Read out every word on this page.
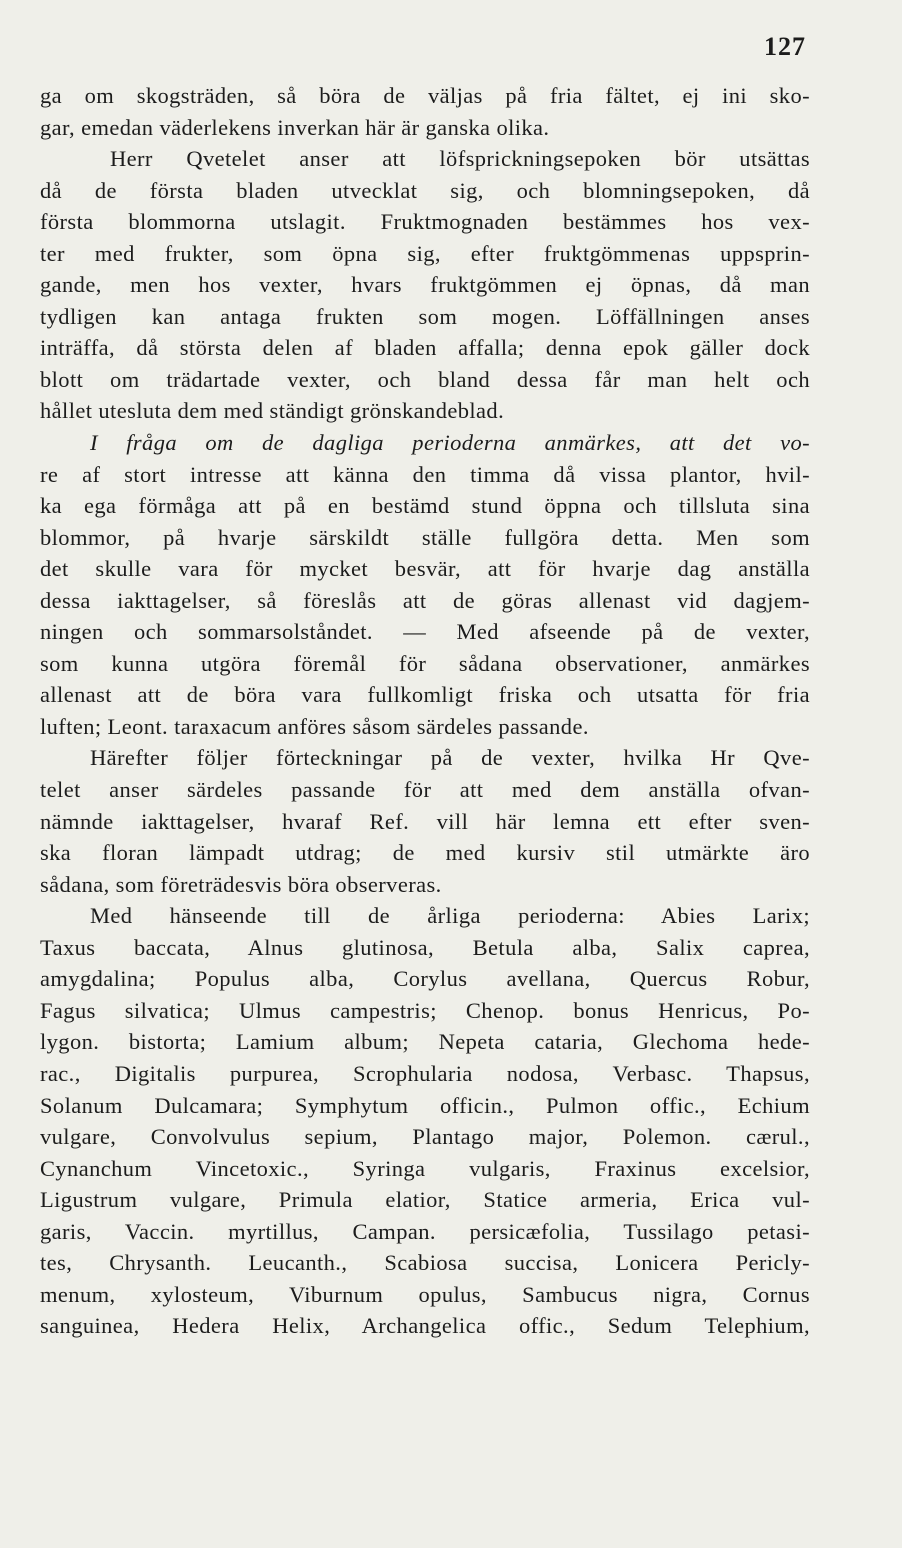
127
ga om skogsträden, så böra de väljas på fria fältet, ej ini sko-
gar, emedan väderlekens inverkan här är ganska olika.
Herr Qvetelet anser att löfsprickningsepoken bör utsättas
då de första bladen utvecklat sig, och blomningsepoken, då
första blommorna utslagit. Fruktmognaden bestämmes hos vex-
ter med frukter, som öpna sig, efter fruktgömmenas uppsprin-
gande, men hos vexter, hvars fruktgömmen ej öpnas, då man
tydligen kan antaga frukten som mogen. Löffällningen anses
inträffa, då största delen af bladen affalla; denna epok gäller dock
blott om trädartade vexter, och bland dessa får man helt och
hållet utesluta dem med ständigt grönskandeblad.
I fråga om de dagliga perioderna anmärkes, att det vo-
re af stort intresse att känna den timma då vissa plantor, hvil-
ka ega förmåga att på en bestämd stund öppna och tillsluta sina
blommor, på hvarje särskildt ställe fullgöra detta. Men som
det skulle vara för mycket besvär, att för hvarje dag anställa
dessa iakttagelser, så föreslås att de göras allenast vid dagjem-
ningen och sommarsolståndet. — Med afseende på de vexter,
som kunna utgöra föremål för sådana observationer, anmärkes
allenast att de böra vara fullkomligt friska och utsatta för fria
luften; Leont. taraxacum anföres såsom särdeles passande.
Härefter följer förteckningar på de vexter, hvilka Hr Qve-
telet anser särdeles passande för att med dem anställa ofvan-
nämnde iakttagelser, hvaraf Ref. vill här lemna ett efter sven-
ska floran lämpadt utdrag; de med kursiv stil utmärkte äro
sådana, som företrädesvis böra observeras.
Med hänseende till de årliga perioderna: Abies Larix;
Taxus baccata, Alnus glutinosa, Betula alba, Salix caprea,
amygdalina; Populus alba, Corylus avellana, Quercus Robur,
Fagus silvatica; Ulmus campestris; Chenop. bonus Henricus, Po-
lygon. bistorta; Lamium album; Nepeta cataria, Glechoma hede-
rac., Digitalis purpurea, Scrophularia nodosa, Verbasc. Thapsus,
Solanum Dulcamara; Symphytum officin., Pulmon offic., Echium
vulgare, Convolvulus sepium, Plantago major, Polemon. cærul.,
Cynanchum Vincetoxic., Syringa vulgaris, Fraxinus excelsior,
Ligustrum vulgare, Primula elatior, Statice armeria, Erica vul-
garis, Vaccin. myrtillus, Campan. persicæfolia, Tussilago petasi-
tes, Chrysanth. Leucanth., Scabiosa succisa, Lonicera Pericly-
menum, xylosteum, Viburnum opulus, Sambucus nigra, Cornus
sanguinea, Hedera Helix, Archangelica offic., Sedum Telephium,
